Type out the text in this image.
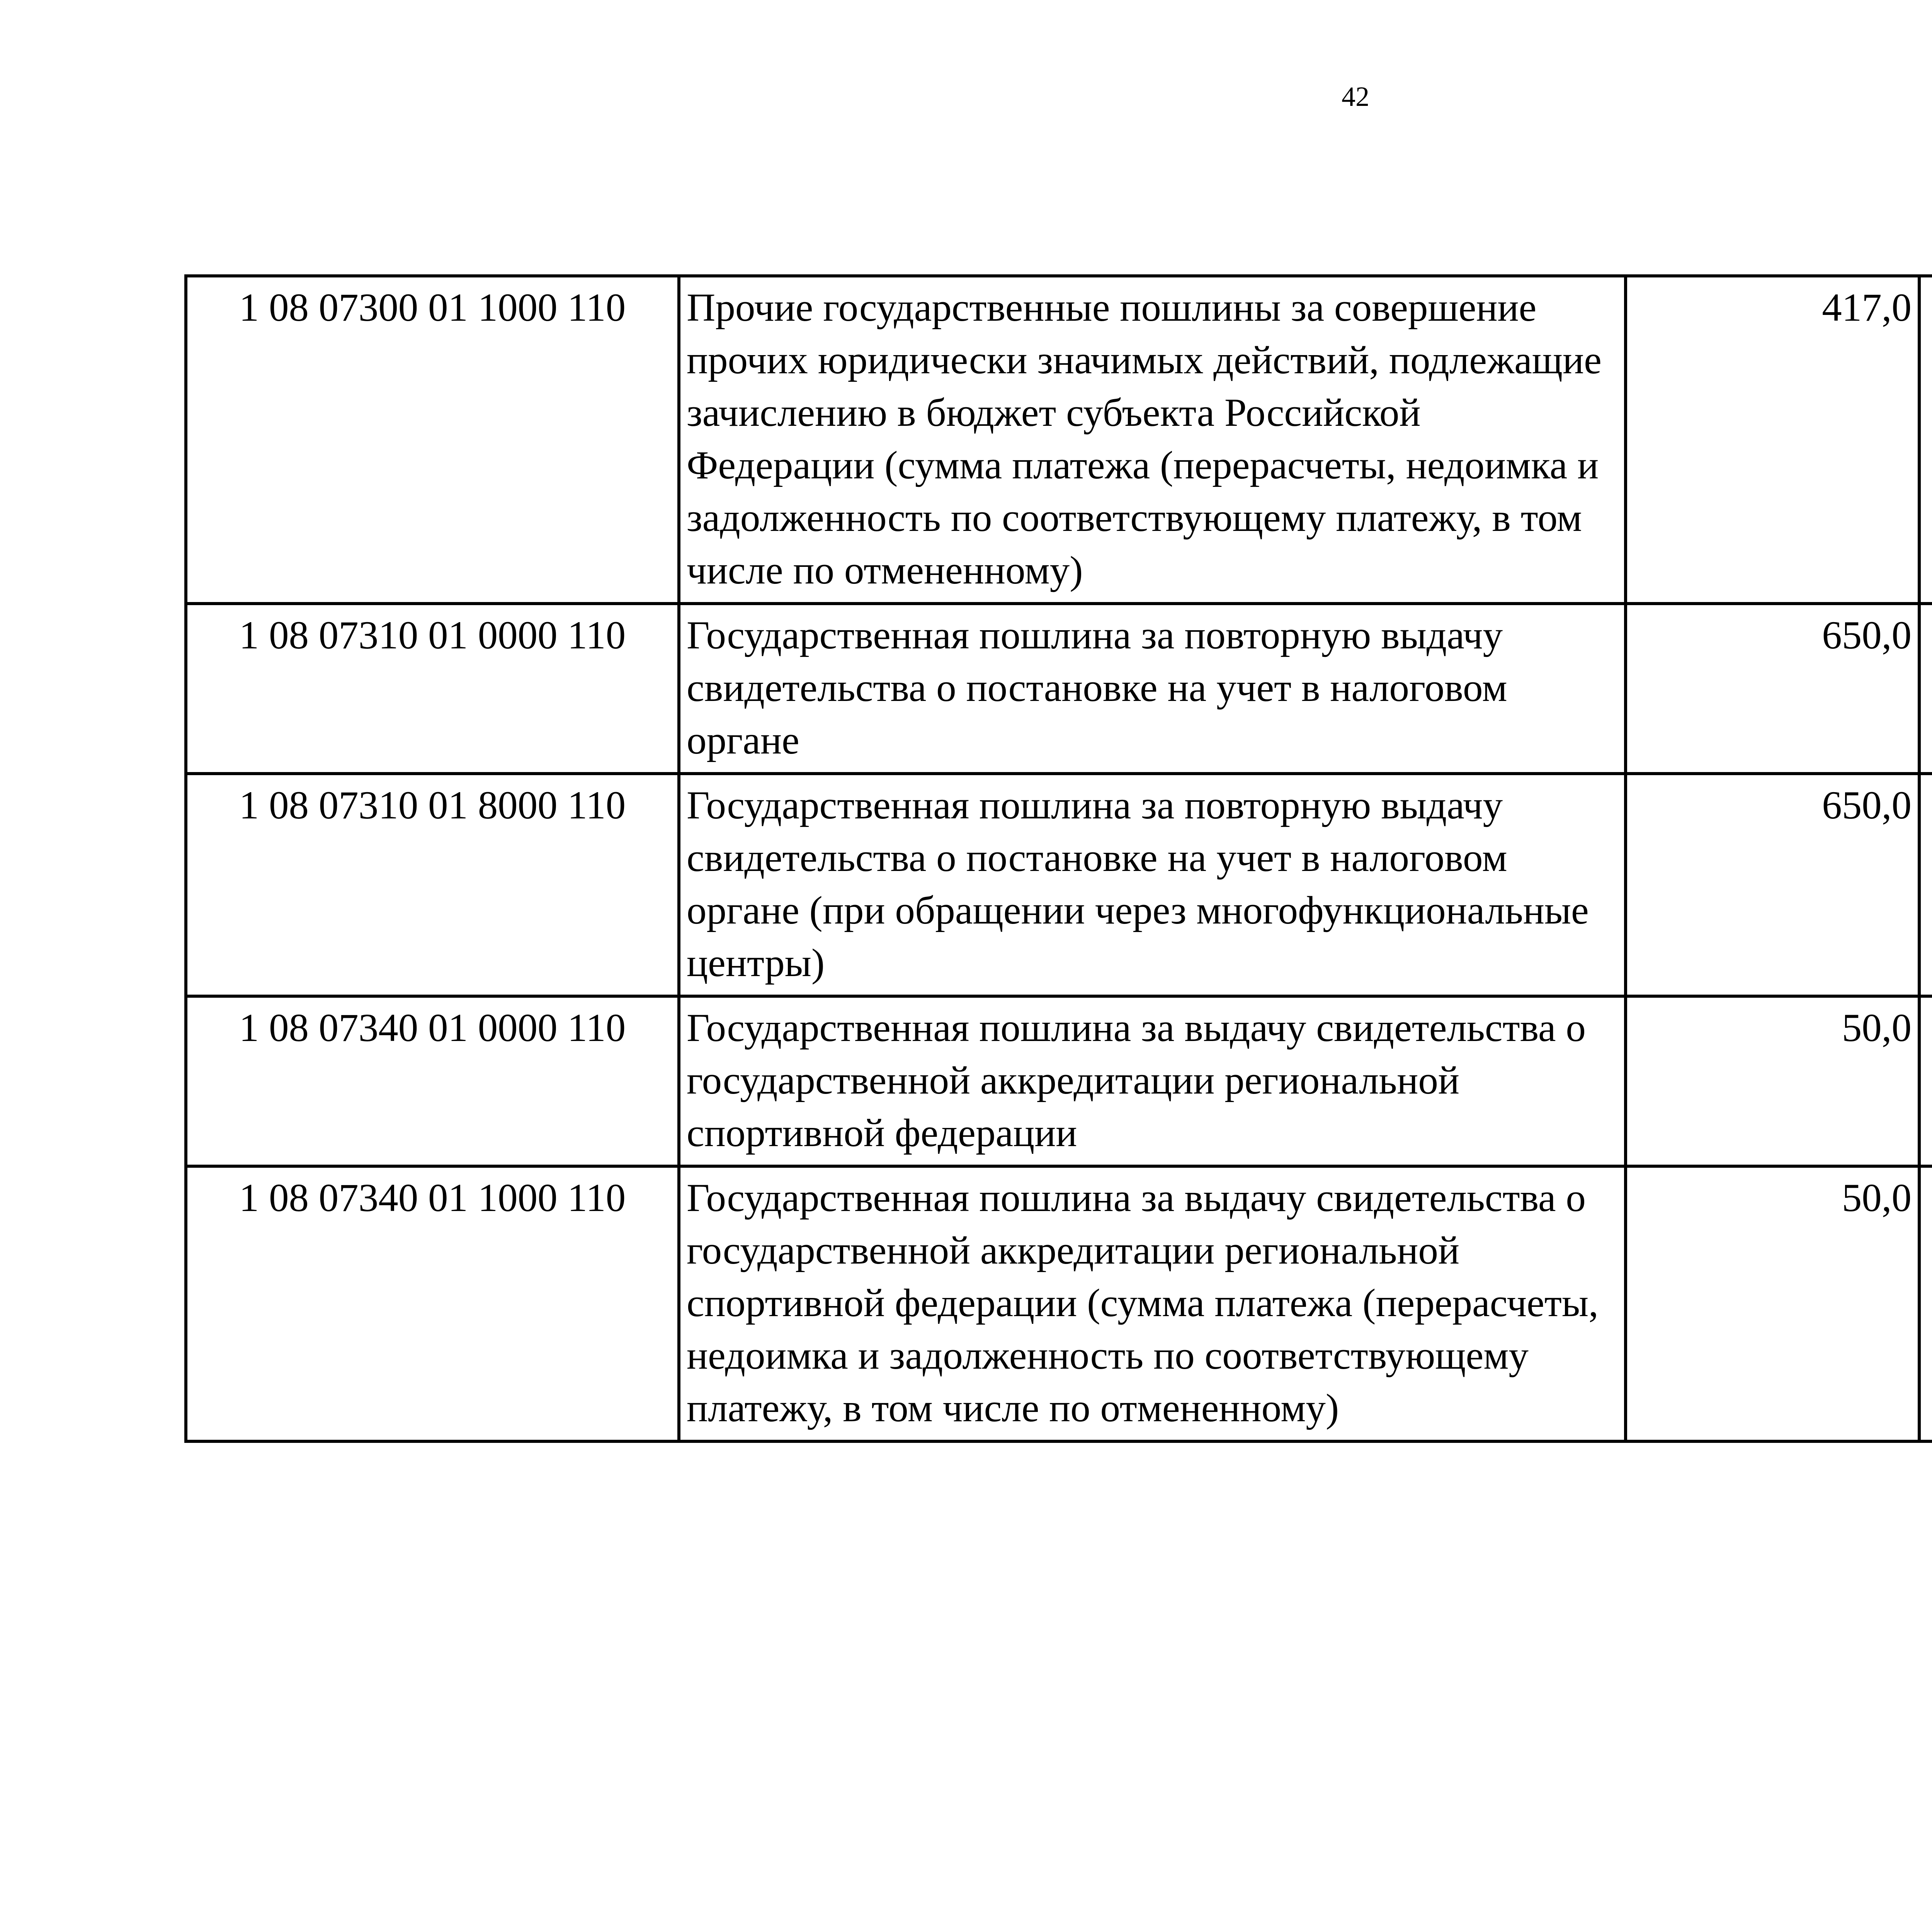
42
1 08 07300 01 1000 110	Прочие государственные пошлины за совершение прочих юридически значимых действий, подлежащие зачислению в бюджет субъекта Российской Федерации (сумма платежа (перерасчеты, недоимка и задолженность по соответствующему платежу, в том числе по отмененному)	417,0		
1 08 07310 01 0000 110	Государственная пошлина за повторную выдачу свидетельства о постановке на учет в налоговом органе	650,0		
1 08 07310 01 8000 110	Государственная пошлина за повторную выдачу свидетельства о постановке на учет в налоговом органе (при обращении через многофункциональные центры)	650,0		
1 08 07340 01 0000 110	Государственная пошлина за выдачу свидетельства о государственной аккредитации региональной спортивной федерации	50,0		
1 08 07340 01 1000 110	Государственная пошлина за выдачу свидетельства о государственной аккредитации региональной спортивной федерации (сумма платежа (перерасчеты, недоимка и задолженность по соответствующему платежу, в том числе по отмененному)	50,0		
